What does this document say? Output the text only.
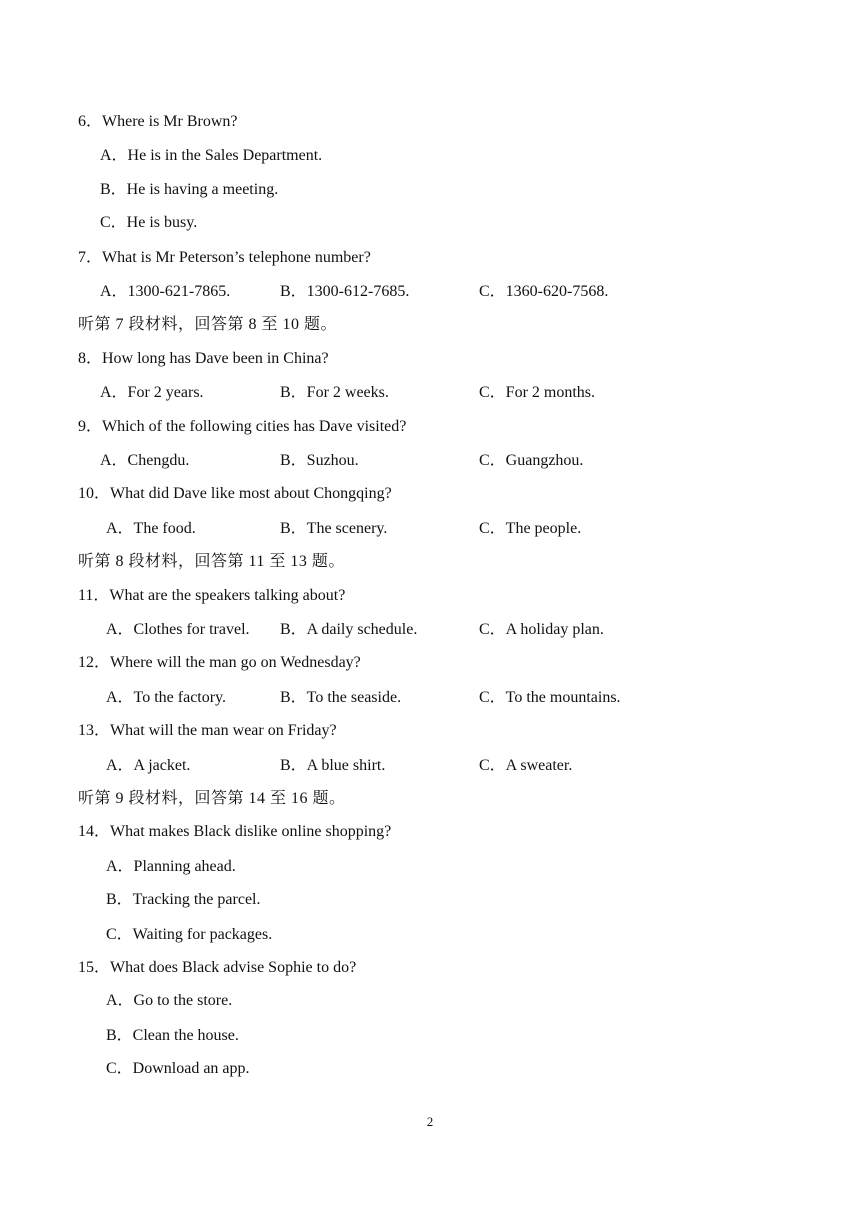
6．Where is Mr Brown?
A．He is in the Sales Department.
B．He is having a meeting.
C．He is busy.
7．What is Mr Peterson’s telephone number?
A．1300-621-7865.	B．1300-612-7685.	C．1360-620-7568.
听第 7 段材料，回答第 8 至 10 题。
8．How long has Dave been in China?
A．For 2 years.	B．For 2 weeks.	C．For 2 months.
9．Which of the following cities has Dave visited?
A．Chengdu.	B．Suzhou.	C．Guangzhou.
10．What did Dave like most about Chongqing?
A．The food.	B．The scenery.	C．The people.
听第 8 段材料，回答第 11 至 13 题。
11．What are the speakers talking about?
A．Clothes for travel. B．A daily schedule.	C．A holiday plan.
12．Where will the man go on Wednesday?
A．To the factory.	B．To the seaside.	C．To the mountains.
13．What will the man wear on Friday?
A．A jacket.	B．A blue shirt.	C．A sweater.
听第 9 段材料，回答第 14 至 16 题。
14．What makes Black dislike online shopping?
A．Planning ahead.
B．Tracking the parcel.
C．Waiting for packages.
15．What does Black advise Sophie to do?
A．Go to the store.
B．Clean the house.
C．Download an app.
2
